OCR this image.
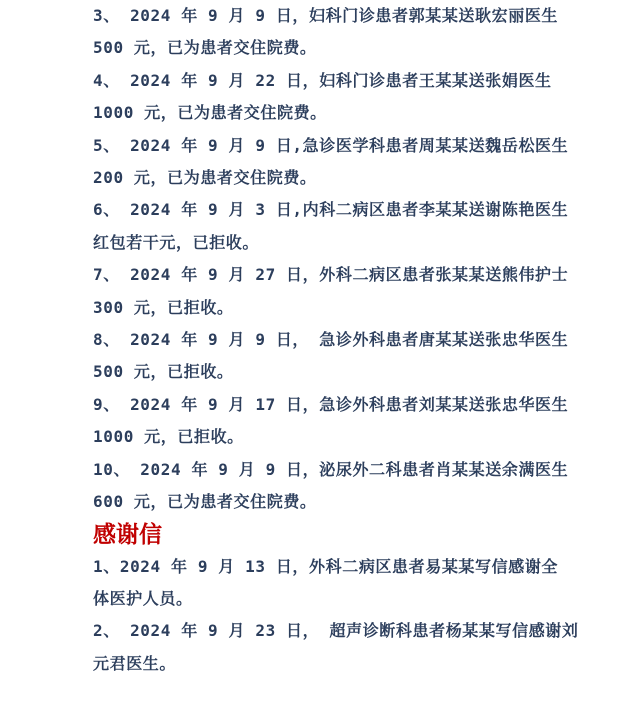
3、 2024 年 9 月 9 日，妇科门诊患者郭某某送耿宏丽医生
500 元，已为患者交住院费。

4、 2024 年 9 月 22 日，妇科门诊患者王某某送张娟医生
1000 元，已为患者交住院费。

5、 2024 年 9 月 9 日,急诊医学科患者周某某送魏岳松医生
200 元，已为患者交住院费。

6、 2024 年 9 月 3 日,内科二病区患者李某某送谢陈艳医生
红包若干元，已拒收。

7、 2024 年 9 月 27 日，外科二病区患者张某某送熊伟护士
300 元，已拒收。

8、 2024 年 9 月 9 日， 急诊外科患者唐某某送张忠华医生
500 元，已拒收。

9、 2024 年 9 月 17 日，急诊外科患者刘某某送张忠华医生
1000 元，已拒收。

10、 2024 年 9 月 9 日，泌尿外二科患者肖某某送余满医生
600 元，已为患者交住院费。

感谢信

1、2024 年 9 月 13 日，外科二病区患者易某某写信感谢全
体医护人员。

2、 2024 年 9 月 23 日， 超声诊断科患者杨某某写信感谢刘
元君医生。
